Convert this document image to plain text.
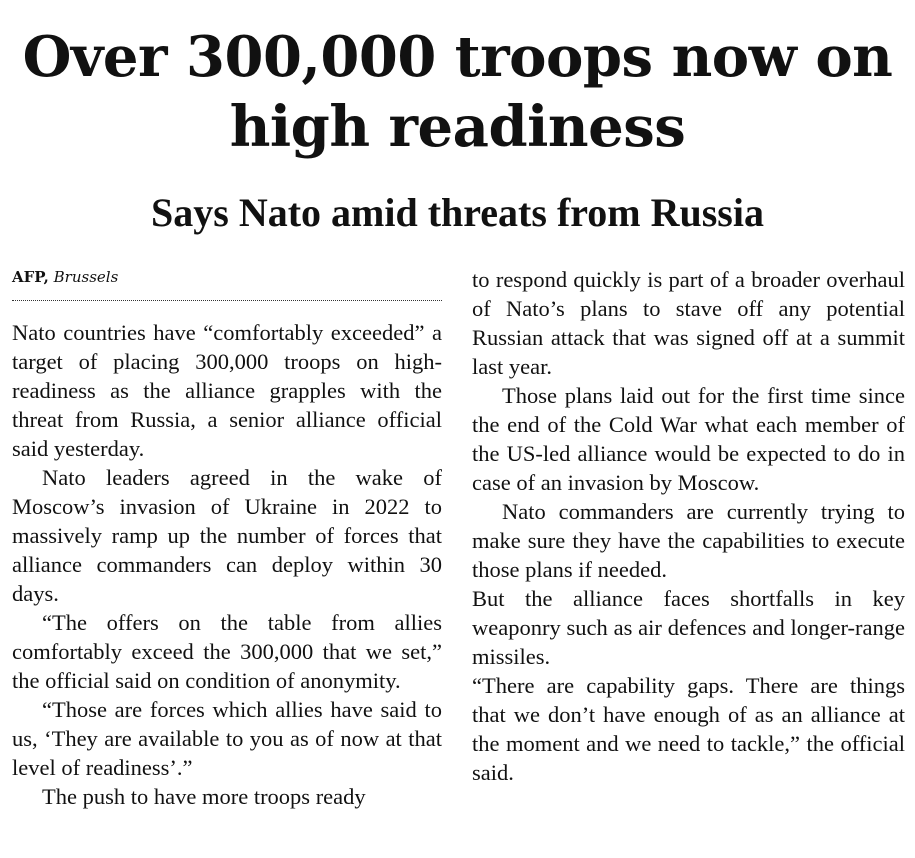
Over 300,000 troops now on high readiness
Says Nato amid threats from Russia
AFP, Brussels

Nato countries have “comfortably exceeded” a target of placing 300,000 troops on high-readiness as the alliance grapples with the threat from Russia, a senior alliance official said yesterday.

Nato leaders agreed in the wake of Moscow’s invasion of Ukraine in 2022 to massively ramp up the number of forces that alliance commanders can deploy within 30 days.

“The offers on the table from allies comfortably exceed the 300,000 that we set,” the official said on condition of anonymity.

“Those are forces which allies have said to us, ‘They are available to you as of now at that level of readiness’.”

The push to have more troops ready

to respond quickly is part of a broader overhaul of Nato’s plans to stave off any potential Russian attack that was signed off at a summit last year.

Those plans laid out for the first time since the end of the Cold War what each member of the US-led alliance would be expected to do in case of an invasion by Moscow.

Nato commanders are currently trying to make sure they have the capabilities to execute those plans if needed.

But the alliance faces shortfalls in key weaponry such as air defences and longer-range missiles.

“There are capability gaps. There are things that we don’t have enough of as an alliance at the moment and we need to tackle,” the official said.
